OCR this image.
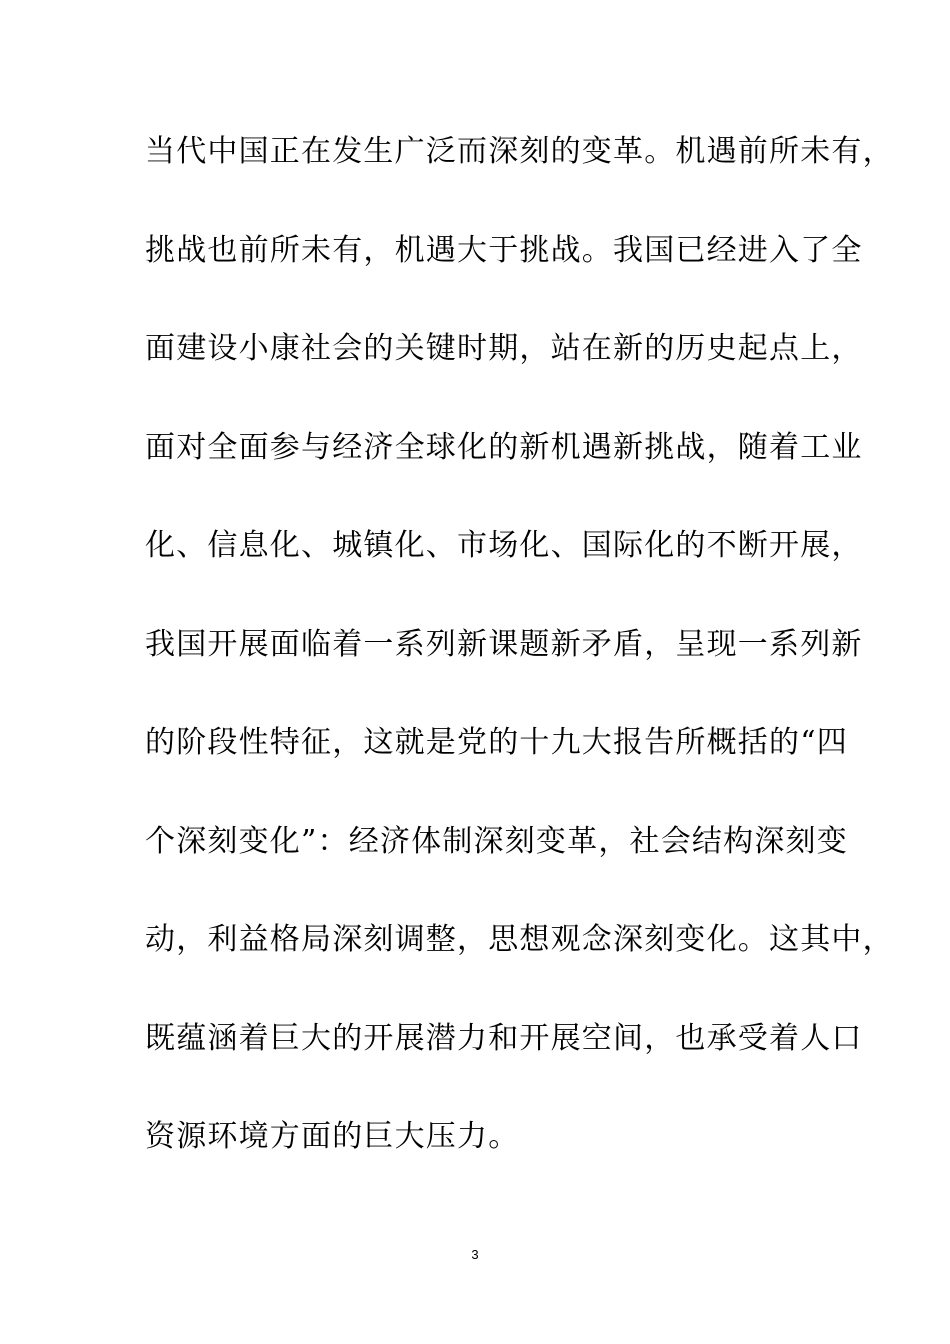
当代中国正在发生广泛而深刻的变革。机遇前所未有，
挑战也前所未有，机遇大于挑战。我国已经进入了全
面建设小康社会的关键时期，站在新的历史起点上，
面对全面参与经济全球化的新机遇新挑战，随着工业
化、信息化、城镇化、市场化、国际化的不断开展，
我国开展面临着一系列新课题新矛盾，呈现一系列新
的阶段性特征，这就是党的十九大报告所概括的“四
个深刻变化”：经济体制深刻变革，社会结构深刻变
动，利益格局深刻调整，思想观念深刻变化。这其中，
既蕴涵着巨大的开展潜力和开展空间，也承受着人口
资源环境方面的巨大压力。
3
